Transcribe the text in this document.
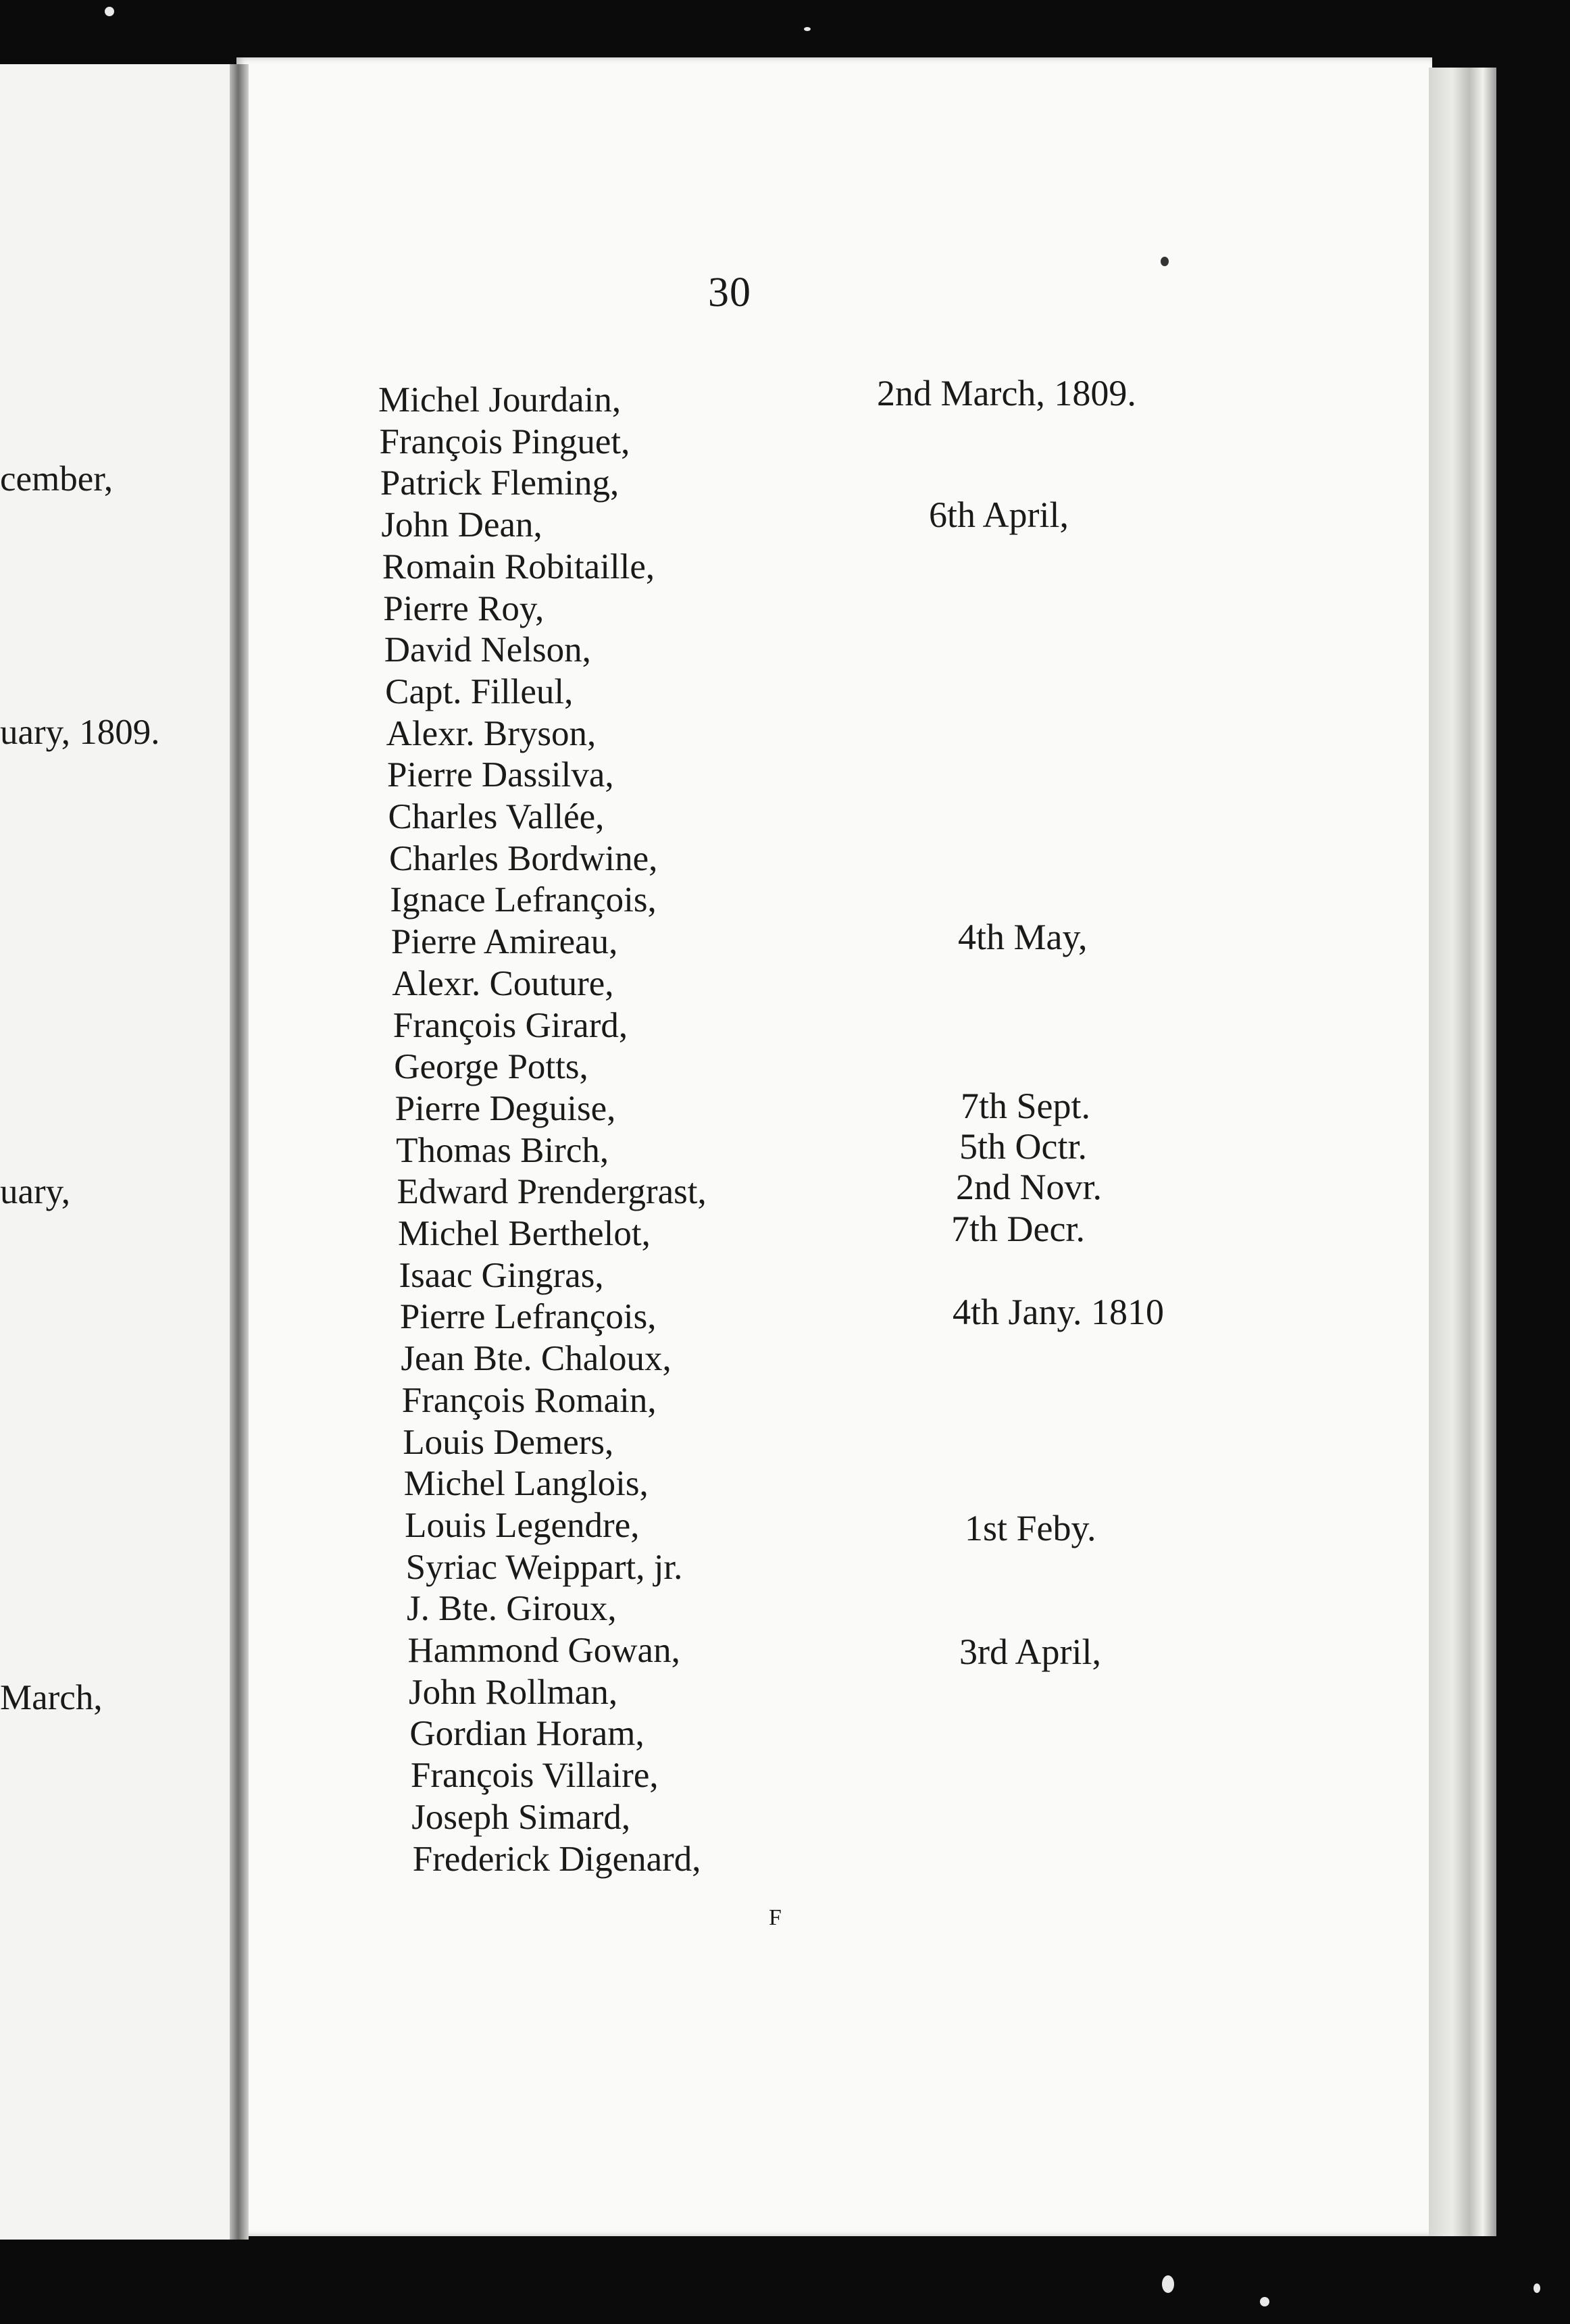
cember,
uary, 1809.
uary,
March,
30
Michel Jourdain,
François Pinguet,
Patrick Fleming,
John Dean,
Romain Robitaille,
Pierre Roy,
David Nelson,
Capt. Filleul,
Alexr. Bryson,
Pierre Dassilva,
Charles Vallée,
Charles Bordwine,
Ignace Lefrançois,
Pierre Amireau,
Alexr. Couture,
François Girard,
George Potts,
Pierre Deguise,
Thomas Birch,
Edward Prendergrast,
Michel Berthelot,
Isaac Gingras,
Pierre Lefrançois,
Jean Bte. Chaloux,
François Romain,
Louis Demers,
Michel Langlois,
Louis Legendre,
Syriac Weippart, jr.
J. Bte. Giroux,
Hammond Gowan,
John Rollman,
Gordian Horam,
François Villaire,
Joseph Simard,
Frederick Digenard,
2nd March, 1809.
6th April,
4th May,
7th Sept.
5th Octr.
2nd Novr.
7th Decr.
4th Jany. 1810
1st Feby.
3rd April,
F
